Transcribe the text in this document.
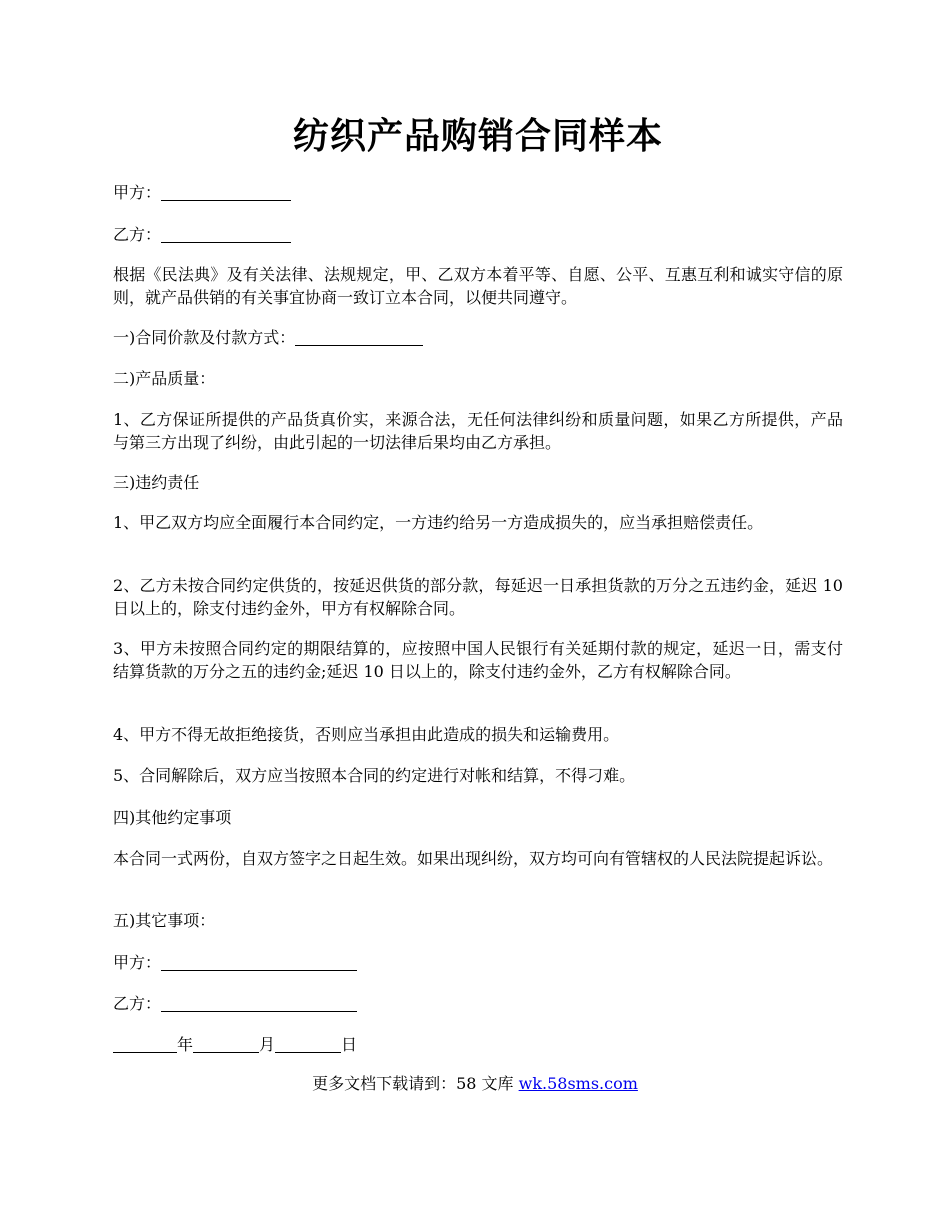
纺织产品购销合同样本

甲方：

乙方：

根据《民法典》及有关法律、法规规定，甲、乙双方本着平等、自愿、公平、互惠互利和诚实守信的原则，就产品供销的有关事宜协商一致订立本合同，以便共同遵守。

一)合同价款及付款方式：

二)产品质量：

1、乙方保证所提供的产品货真价实，来源合法，无任何法律纠纷和质量问题，如果乙方所提供，产品与第三方出现了纠纷，由此引起的一切法律后果均由乙方承担。

三)违约责任

1、甲乙双方均应全面履行本合同约定，一方违约给另一方造成损失的，应当承担赔偿责任。

2、乙方未按合同约定供货的，按延迟供货的部分款，每延迟一日承担货款的万分之五违约金，延迟 10 日以上的，除支付违约金外，甲方有权解除合同。

3、甲方未按照合同约定的期限结算的，应按照中国人民银行有关延期付款的规定，延迟一日，需支付结算货款的万分之五的违约金;延迟 10 日以上的，除支付违约金外，乙方有权解除合同。

4、甲方不得无故拒绝接货，否则应当承担由此造成的损失和运输费用。

5、合同解除后，双方应当按照本合同的约定进行对帐和结算，不得刁难。

四)其他约定事项

本合同一式两份，自双方签字之日起生效。如果出现纠纷，双方均可向有管辖权的人民法院提起诉讼。

五)其它事项：

甲方：

乙方：

年	月	日

更多文档下载请到：58 文库 wk.58sms.com
